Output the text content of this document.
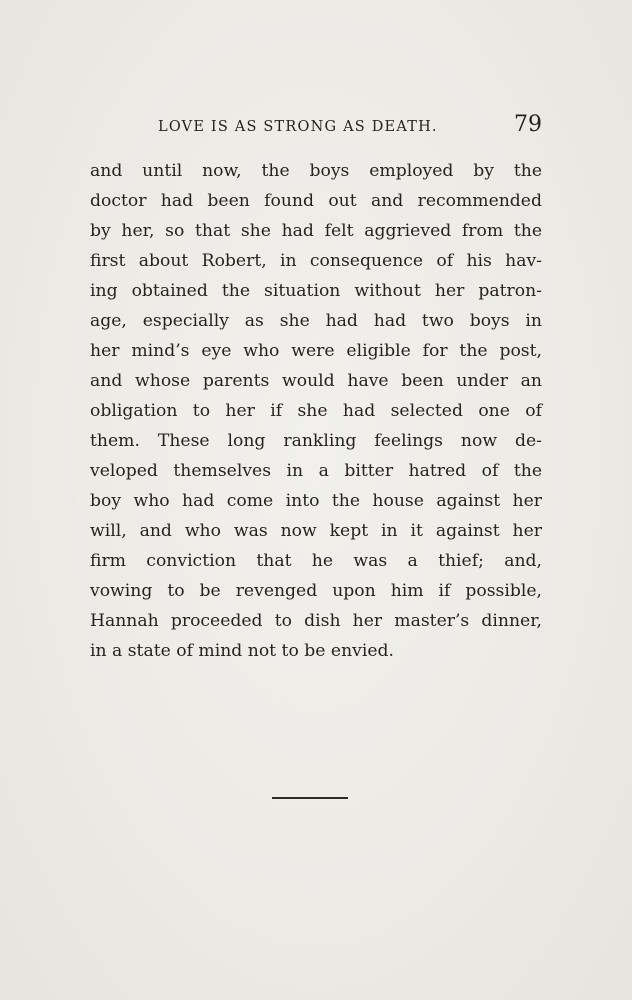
LOVE IS AS STRONG AS DEATH.	79
and until now, the boys employed by the
doctor had been found out and recommended
by her, so that she had felt aggrieved from the
first about Robert, in consequence of his hav-
ing obtained the situation without her patron-
age, especially as she had had two boys in
her mind’s eye who were eligible for the post,
and whose parents would have been under an
obligation to her if she had selected one of
them. These long rankling feelings now de-
veloped themselves in a bitter hatred of the
boy who had come into the house against her
will, and who was now kept in it against her
firm conviction that he was a thief; and,
vowing to be revenged upon him if possible,
Hannah proceeded to dish her master’s dinner,
in a state of mind not to be envied.
